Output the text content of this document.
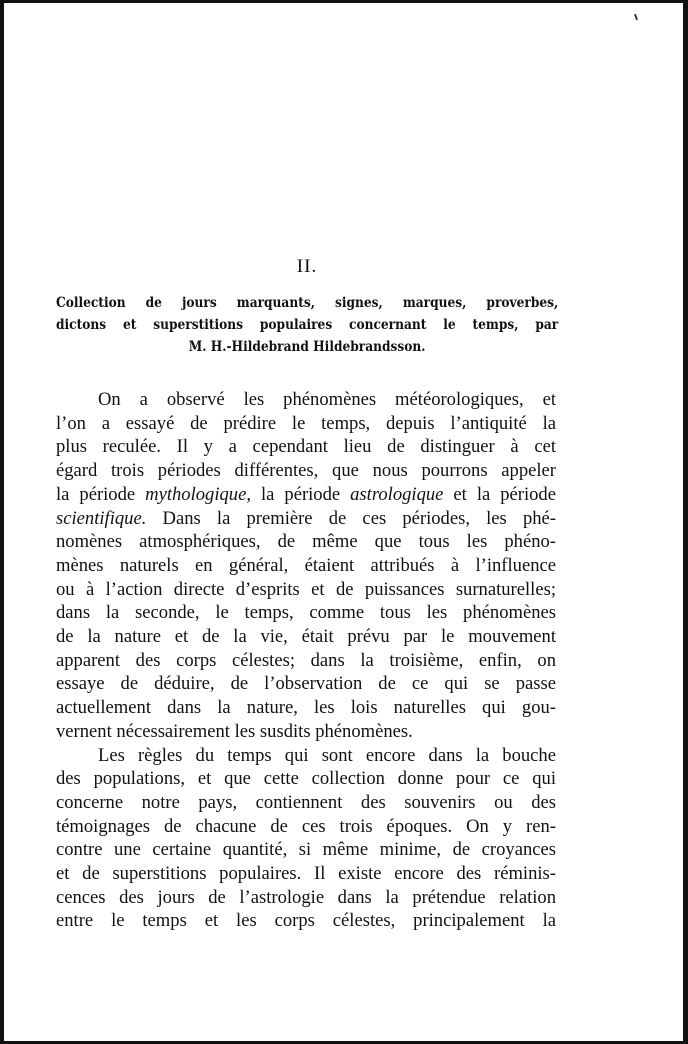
II.
Collection de jours marquants, signes, marques, proverbes,
dictons et superstitions populaires concernant le temps, par
M. H.-Hildebrand Hildebrandsson.
On a observé les phénomènes météorologiques, et
l’on a essayé de prédire le temps, depuis l’antiquité la
plus reculée. Il y a cependant lieu de distinguer à cet
égard trois périodes différentes, que nous pourrons appeler
la période mythologique, la période astrologique et la période
scientifique. Dans la première de ces périodes, les phé-
nomènes atmosphériques, de même que tous les phéno-
mènes naturels en général, étaient attribués à l’influence
ou à l’action directe d’esprits et de puissances surnaturelles;
dans la seconde, le temps, comme tous les phénomènes
de la nature et de la vie, était prévu par le mouvement
apparent des corps célestes; dans la troisième, enfin, on
essaye de déduire, de l’observation de ce qui se passe
actuellement dans la nature, les lois naturelles qui gou-
vernent nécessairement les susdits phénomènes.
Les règles du temps qui sont encore dans la bouche
des populations, et que cette collection donne pour ce qui
concerne notre pays, contiennent des souvenirs ou des
témoignages de chacune de ces trois époques. On y ren-
contre une certaine quantité, si même minime, de croyances
et de superstitions populaires. Il existe encore des réminis-
cences des jours de l’astrologie dans la prétendue relation
entre le temps et les corps célestes, principalement la
